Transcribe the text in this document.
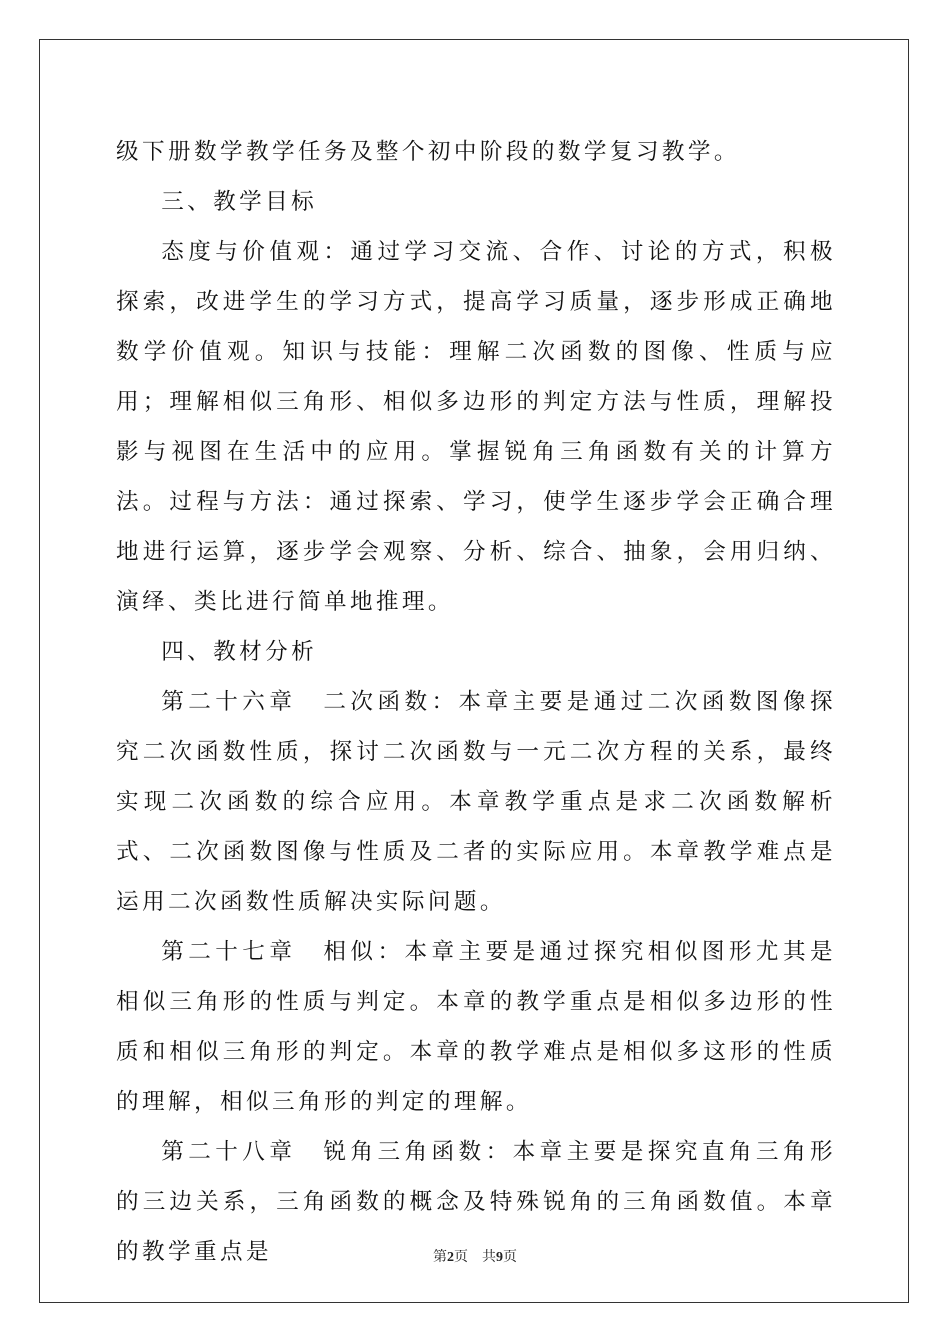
级下册数学教学任务及整个初中阶段的数学复习教学。

三、教学目标

态度与价值观：通过学习交流、合作、讨论的方式，积极探索，改进学生的学习方式，提高学习质量，逐步形成正确地数学价值观。知识与技能：理解二次函数的图像、性质与应用；理解相似三角形、相似多边形的判定方法与性质，理解投影与视图在生活中的应用。掌握锐角三角函数有关的计算方法。过程与方法：通过探索、学习，使学生逐步学会正确合理地进行运算，逐步学会观察、分析、综合、抽象，会用归纳、演绎、类比进行简单地推理。

四、教材分析

第二十六章　二次函数：本章主要是通过二次函数图像探究二次函数性质，探讨二次函数与一元二次方程的关系，最终实现二次函数的综合应用。本章教学重点是求二次函数解析式、二次函数图像与性质及二者的实际应用。本章教学难点是运用二次函数性质解决实际问题。

第二十七章　相似：本章主要是通过探究相似图形尤其是相似三角形的性质与判定。本章的教学重点是相似多边形的性质和相似三角形的判定。本章的教学难点是相似多这形的性质的理解，相似三角形的判定的理解。

第二十八章　锐角三角函数：本章主要是探究直角三角形的三边关系，三角函数的概念及特殊锐角的三角函数值。本章的教学重点是	第2页 共9页
